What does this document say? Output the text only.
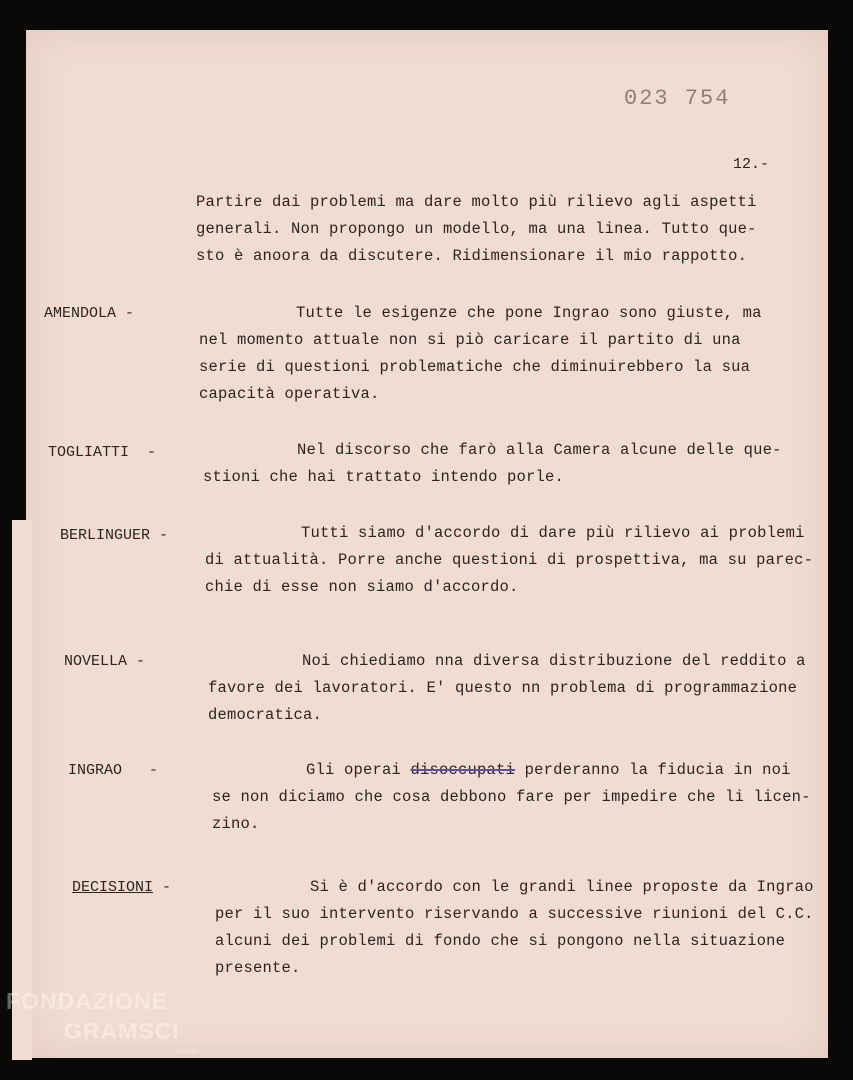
023 754
12.-

Partire dai problemi ma dare molto più rilievo agli aspetti

generali. Non propongo un modello, ma una linea. Tutto que-

sto è anoora da discutere. Ridimensionare il mio rappotto.

AMENDOLA -	Tutte le esigenze che pone Ingrao sono giuste, ma

nel momento attuale non si piò caricare il partito di una

serie di questioni problematiche che diminuirebbero la sua

capacità operativa.

TOGLIATTI  -	Nel discorso che farò alla Camera alcune delle que-

stioni che hai trattato intendo porle.

BERLINGUER -	Tutti siamo d'accordo di dare più rilievo ai problemi

di attualità. Porre anche questioni di prospettiva, ma su parec-

chie di esse non siamo d'accordo.

NOVELLA -	Noi chiediamo nna diversa distribuzione del reddito a

favore dei lavoratori. E' questo nn problema di programmazione

democratica.

INGRAO   -	Gli operai disoccupati perderanno la fiducia in noi

se non diciamo che cosa debbono fare per impedire che li licen-

zino.

DECISIONI -	Si è d'accordo con le grandi linee proposte da Ingrao

per il suo intervento riservando a successive riunioni del C.C.

alcuni dei problemi di fondo che si pongono nella situazione

presente.

FONDAZIONE
GRAMSCI
onlus
